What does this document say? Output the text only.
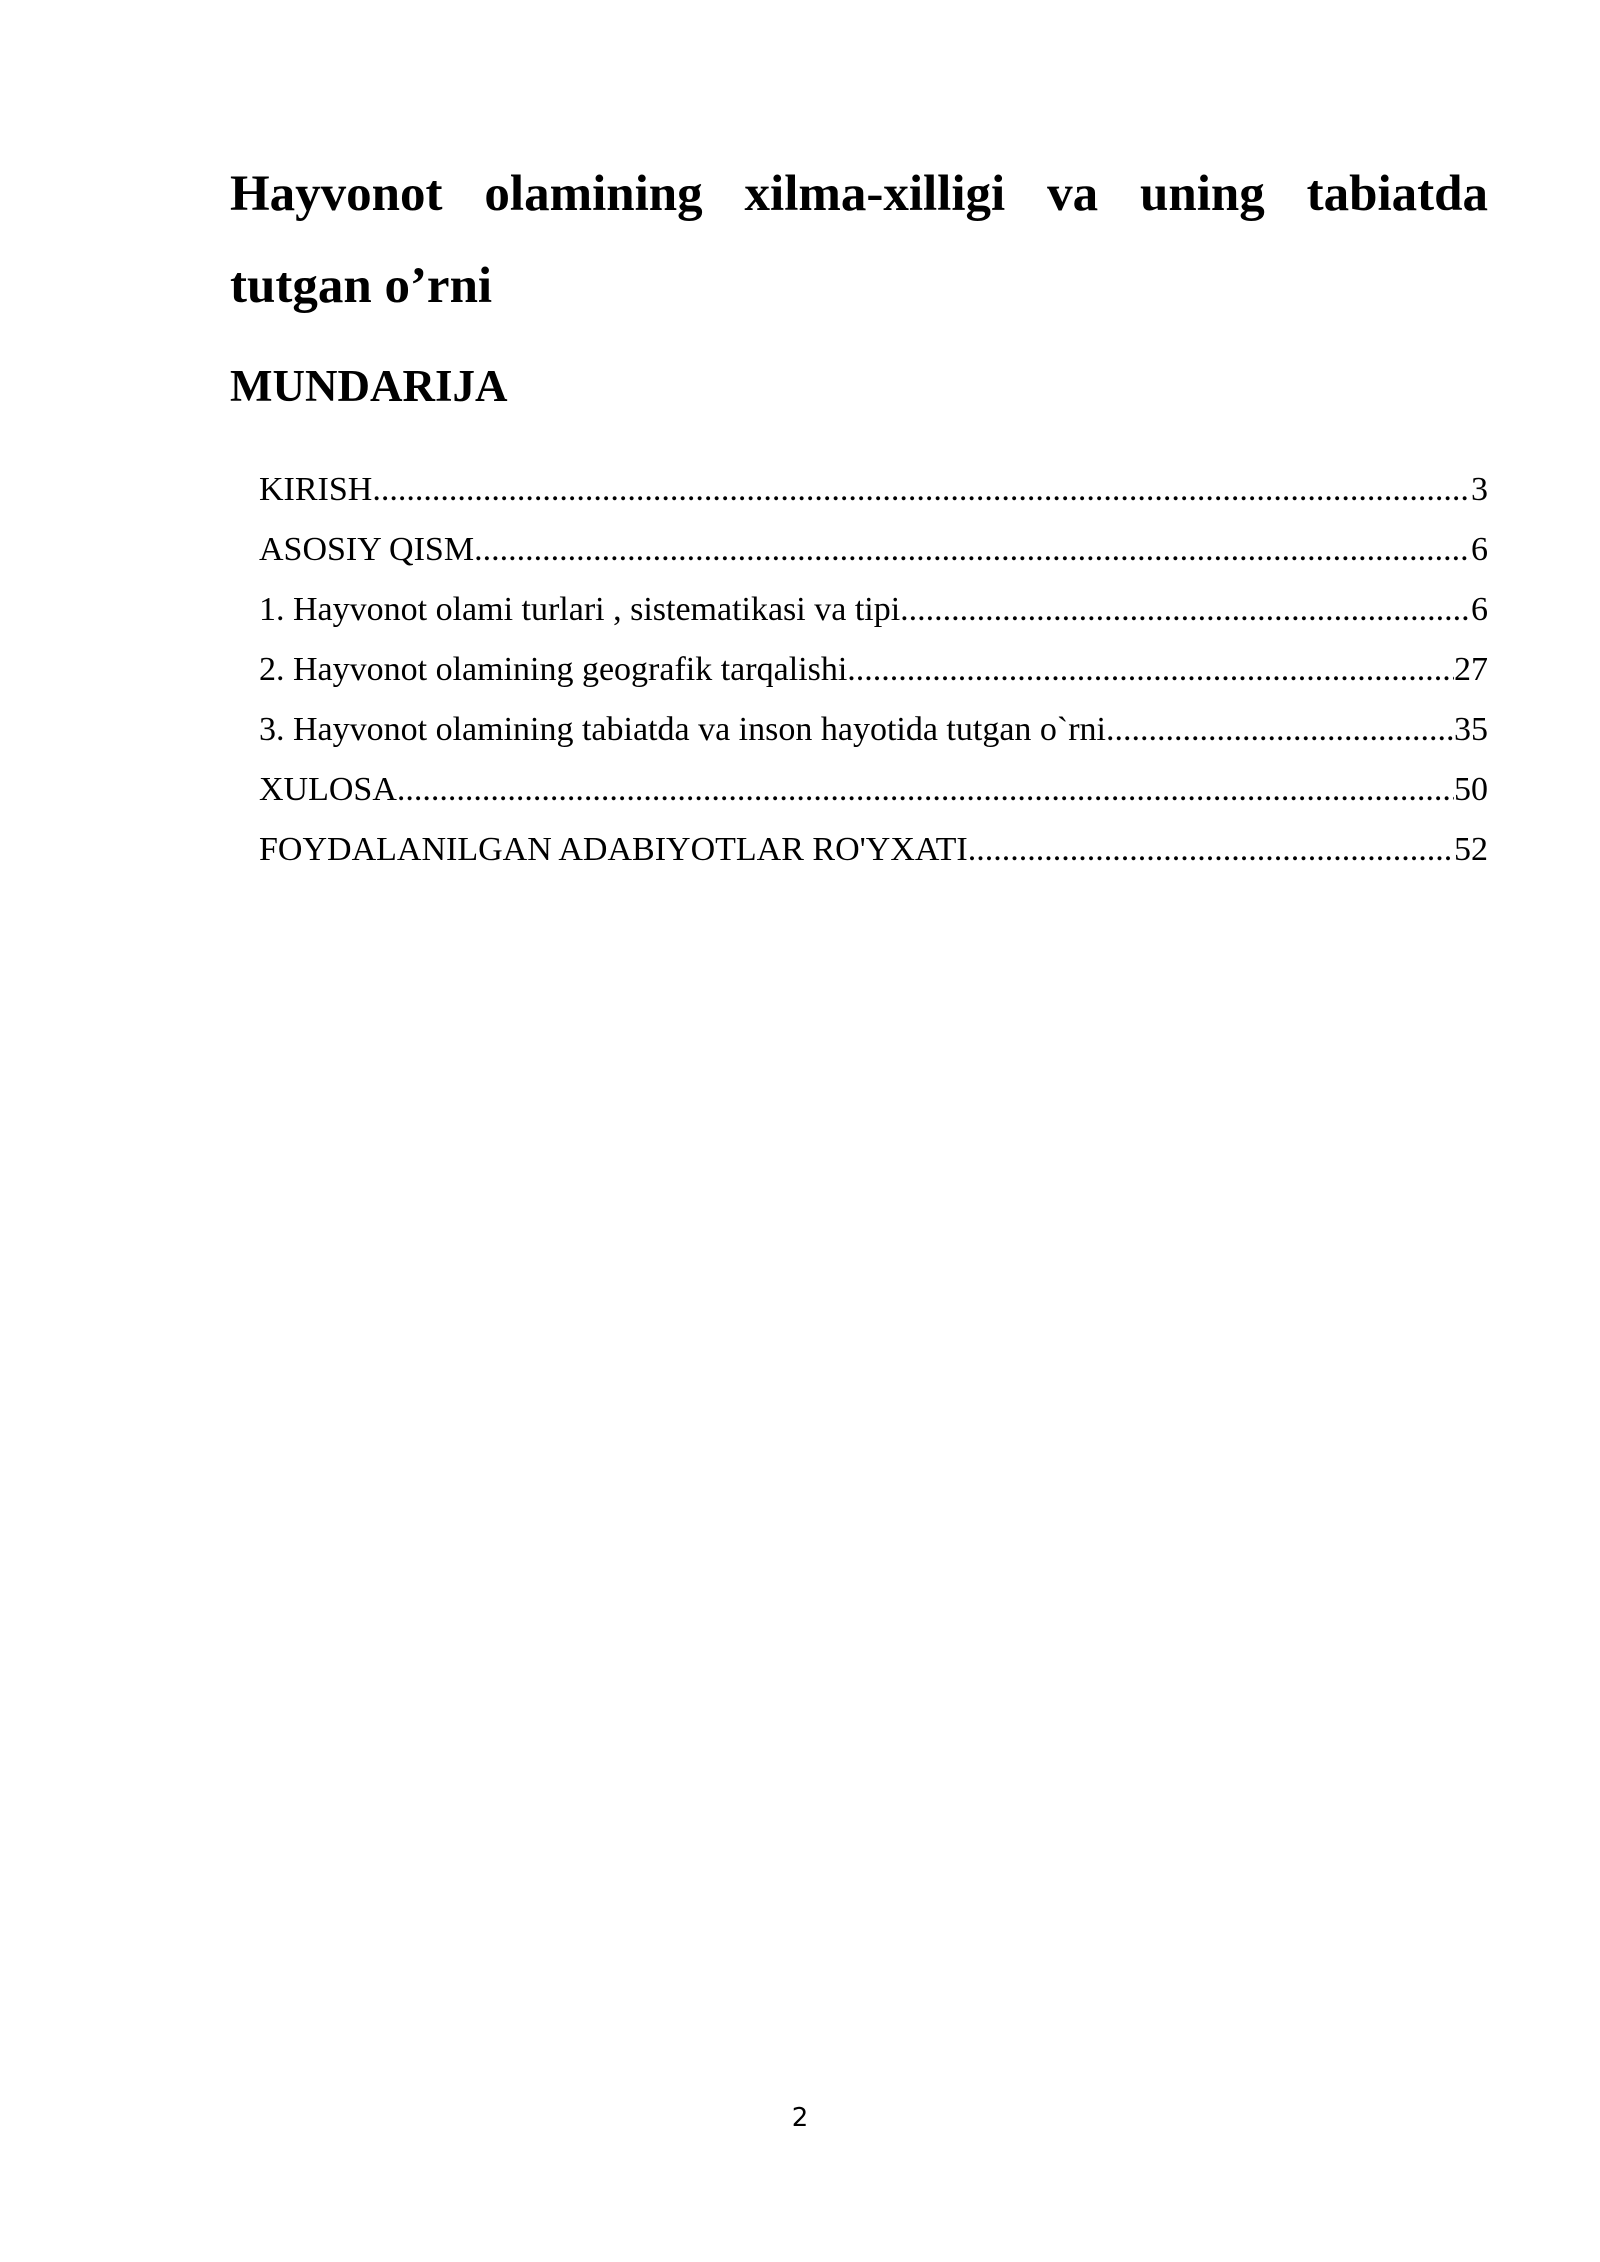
Hayvonot olamining xilma-xilligi va uning tabiatda tutgan o’rni
MUNDARIJA
KIRISH .....	3
ASOSIY QISM .....	6
1. Hayvonot olami turlari , sistematikasi va tipi .....	6
2. Hayvonot olamining geografik tarqalishi .....	27
3. Hayvonot olamining tabiatda va inson hayotida tutgan o`rni .....	35
XULOSA .....	50
FOYDALANILGAN ADABIYOTLAR RO'YXATI .....	52
2
